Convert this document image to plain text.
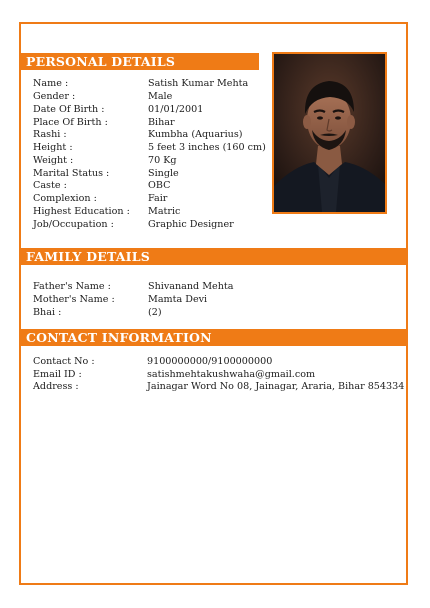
PERSONAL DETAILS
Name :	Satish Kumar Mehta
Gender :	Male
Date Of Birth :	01/01/2001
Place Of Birth :	Bihar
Rashi :	Kumbha (Aquarius)
Height :	5 feet 3 inches (160 cm)
Weight :	70 Kg
Marital Status :	Single
Caste :	OBC
Complexion :	Fair
Highest Education : Matric
Job/Occupation :	Graphic Designer
FAMILY DETAILS
Father's Name :	Shivanand Mehta
Mother's Name :	Mamta Devi
Bhai :	(2)
CONTACT INFORMATION
Contact No :	9100000000/9100000000
Email ID :	satishmehtakushwaha@gmail.com
Address :	Jainagar Word No 08, Jainagar, Araria, Bihar 854334
